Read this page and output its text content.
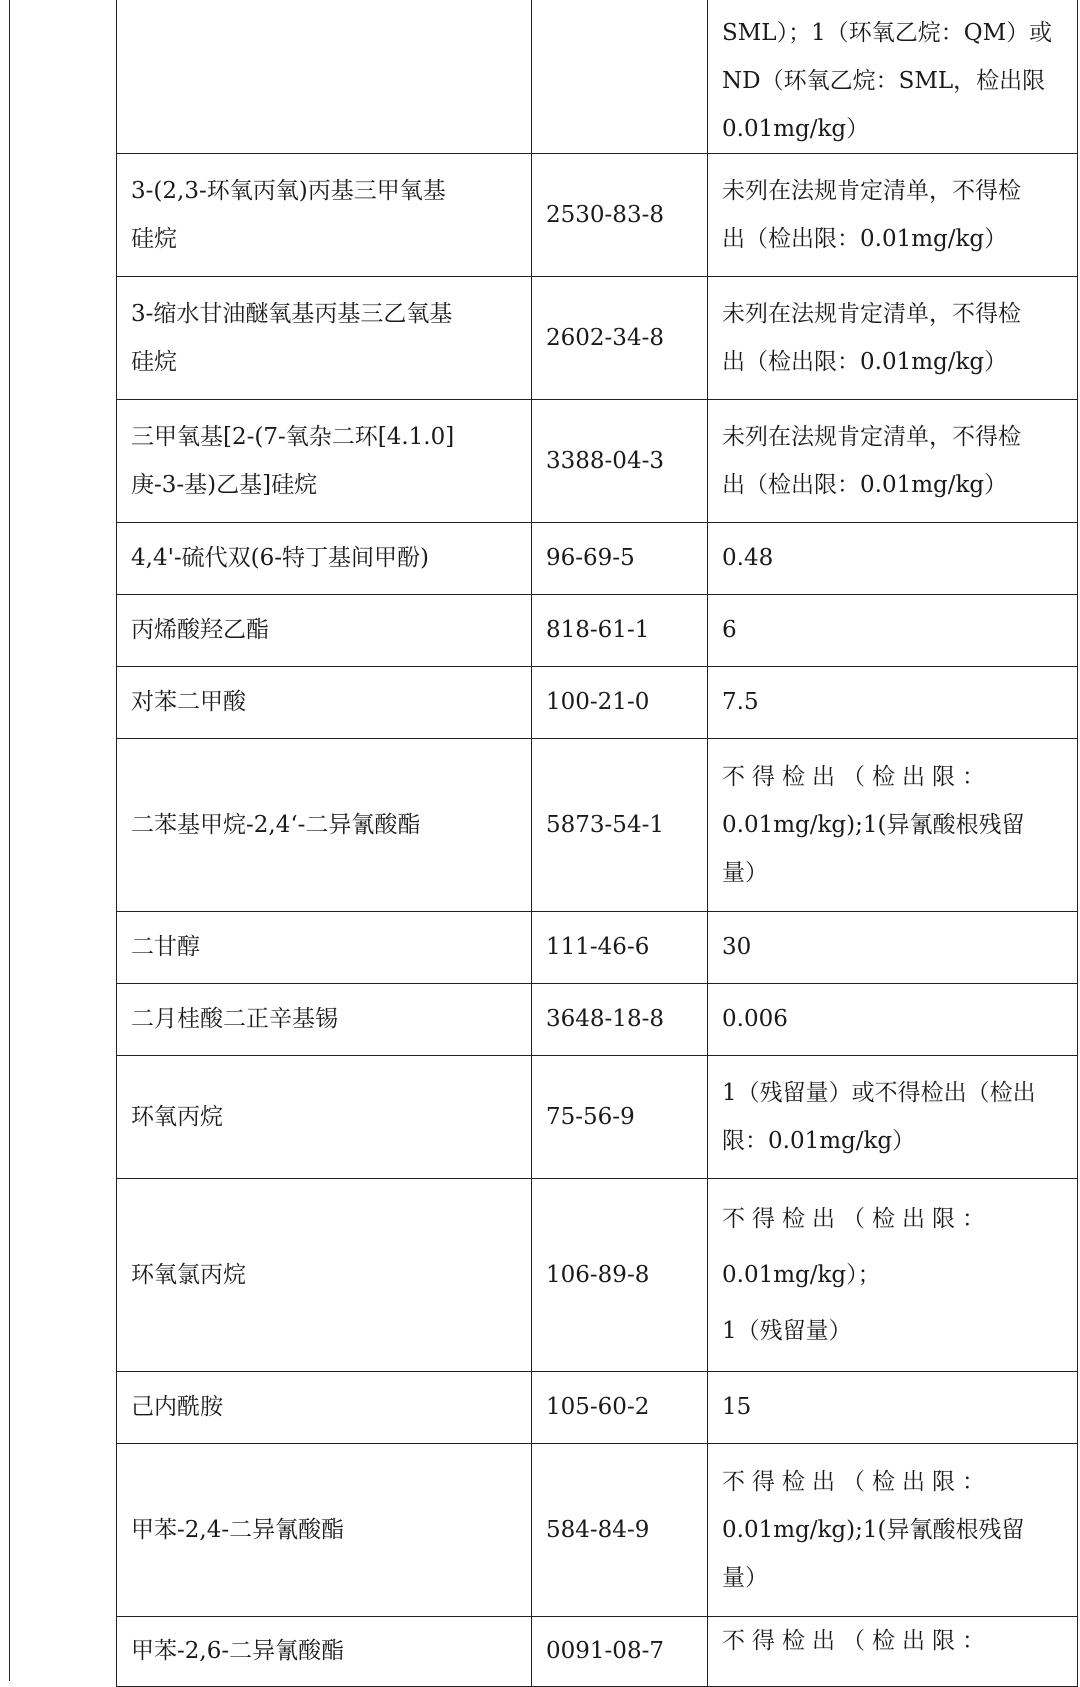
		SML）；1（环氧乙烷：QM）或
ND（环氧乙烷：SML，检出限
0.01mg/kg）

3-(2,3-环氧丙氧)丙基三甲氧基
硅烷	2530-83-8	未列在法规肯定清单，不得检
出（检出限：0.01mg/kg）

3-缩水甘油醚氧基丙基三乙氧基
硅烷	2602-34-8	未列在法规肯定清单，不得检
出（检出限：0.01mg/kg）

三甲氧基[2-(7-氧杂二环[4.1.0]
庚-3-基)乙基]硅烷	3388-04-3	未列在法规肯定清单，不得检
出（检出限：0.01mg/kg）

4,4'-硫代双(6-特丁基间甲酚)	96-69-5	0.48

丙烯酸羟乙酯	818-61-1	6

对苯二甲酸	100-21-0	7.5

二苯基甲烷-2,4‘-二异氰酸酯	5873-54-1	不得检出（检出限：
0.01mg/kg);1(异氰酸根残留
量）

二甘醇	111-46-6	30

二月桂酸二正辛基锡	3648-18-8	0.006

环氧丙烷	75-56-9	1（残留量）或不得检出（检出
限：0.01mg/kg）

环氧氯丙烷	106-89-8	不得检出（检出限：
0.01mg/kg）；
1（残留量）

己内酰胺	105-60-2	15

甲苯-2,4-二异氰酸酯	584-84-9	不得检出（检出限：
0.01mg/kg);1(异氰酸根残留
量）

甲苯-2,6-二异氰酸酯	0091-08-7	不得检出（检出限：
